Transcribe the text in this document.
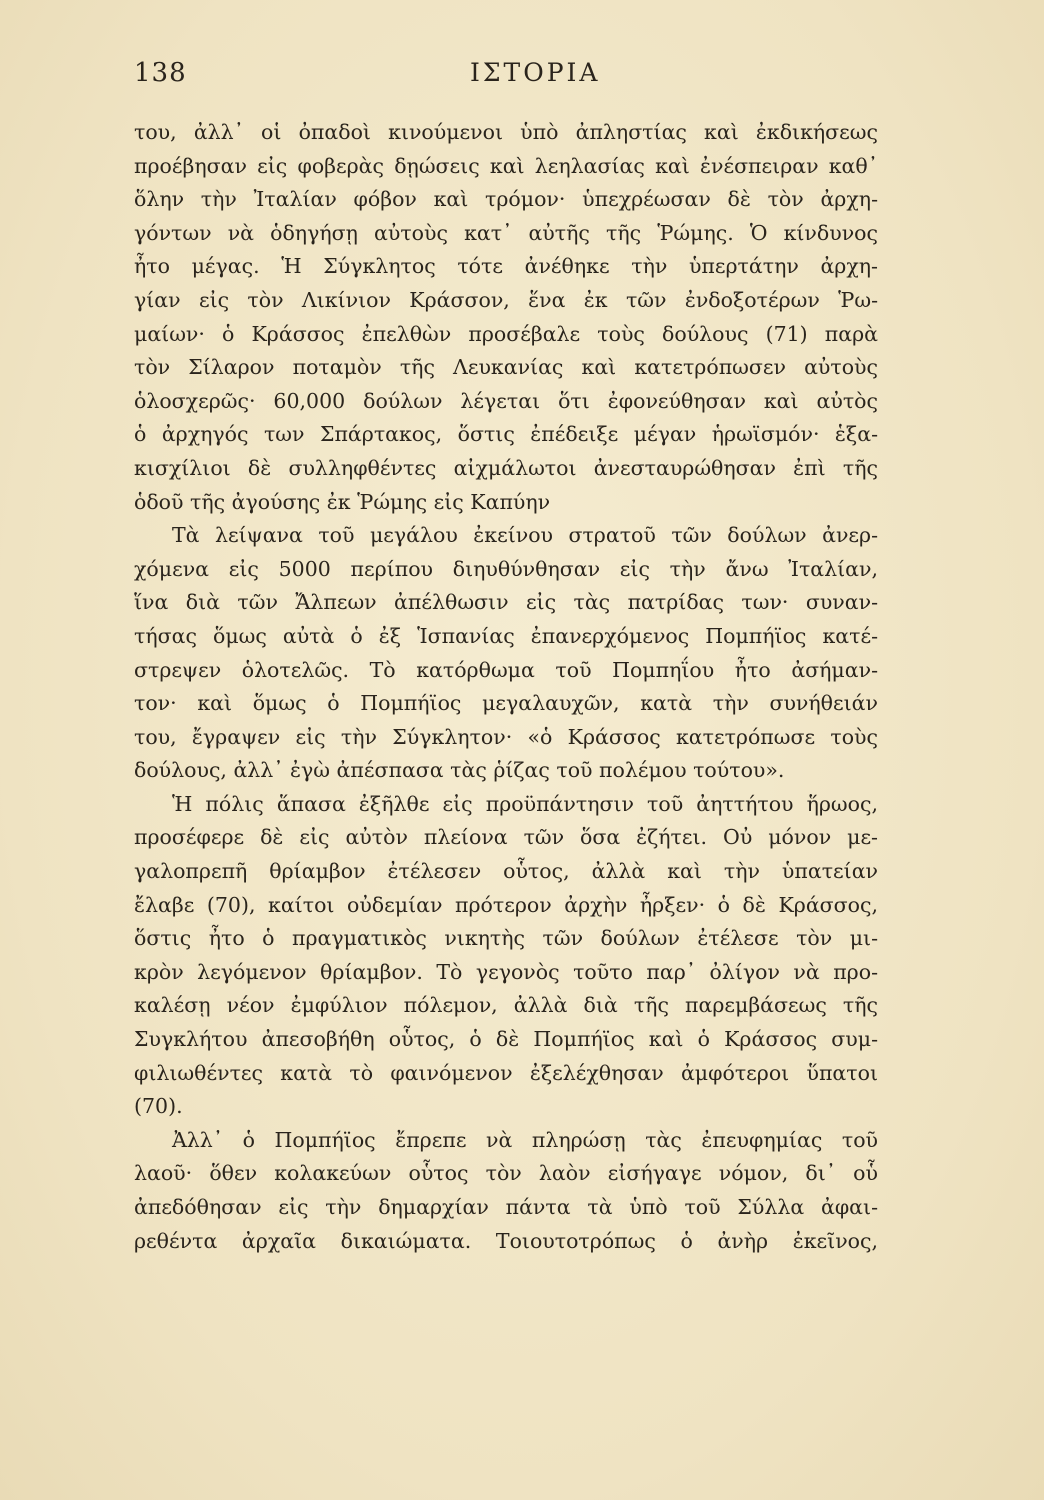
138	ΙΣΤΟΡΙΑ
του, ἀλλ᾽ οἱ ὀπαδοὶ κινούμενοι ὑπὸ ἀπληστίας καὶ ἐκδικήσεως
προέβησαν εἰς φοβερὰς δῃώσεις καὶ λεηλασίας καὶ ἐνέσπειραν καθ᾽
ὅλην τὴν Ἰταλίαν φόβον καὶ τρόμον· ὑπεχρέωσαν δὲ τὸν ἀρχη-
γόντων νὰ ὁδηγήσῃ αὐτοὺς κατ᾽ αὐτῆς τῆς Ῥώμης. Ὁ κίνδυνος
ἦτο μέγας. Ἡ Σύγκλητος τότε ἀνέθηκε τὴν ὑπερτάτην ἀρχη-
γίαν εἰς τὸν Λικίνιον Κράσσον, ἕνα ἐκ τῶν ἐνδοξοτέρων Ῥω-
μαίων· ὁ Κράσσος ἐπελθὼν προσέβαλε τοὺς δούλους (71) παρὰ
τὸν Σίλαρον ποταμὸν τῆς Λευκανίας καὶ κατετρόπωσεν αὐτοὺς
ὁλοσχερῶς· 60,000 δούλων λέγεται ὅτι ἐφονεύθησαν καὶ αὐτὸς
ὁ ἀρχηγός των Σπάρτακος, ὅστις ἐπέδειξε μέγαν ἡρωϊσμόν· ἑξα-
κισχίλιοι δὲ συλληφθέντες αἰχμάλωτοι ἀνεσταυρώθησαν ἐπὶ τῆς
ὁδοῦ τῆς ἀγούσης ἐκ Ῥώμης εἰς Καπύην
Τὰ λείψανα τοῦ μεγάλου ἐκείνου στρατοῦ τῶν δούλων ἀνερ-
χόμενα εἰς 5000 περίπου διηυθύνθησαν εἰς τὴν ἄνω Ἰταλίαν,
ἵνα διὰ τῶν Ἄλπεων ἀπέλθωσιν εἰς τὰς πατρίδας των· συναν-
τήσας ὅμως αὐτὰ ὁ ἐξ Ἱσπανίας ἐπανερχόμενος Πομπήϊος κατέ-
στρεψεν ὁλοτελῶς. Τὸ κατόρθωμα τοῦ Πομπηΐου ἦτο ἀσήμαν-
τον· καὶ ὅμως ὁ Πομπήϊος μεγαλαυχῶν, κατὰ τὴν συνήθειάν
του, ἔγραψεν εἰς τὴν Σύγκλητον· «ὁ Κράσσος κατετρόπωσε τοὺς
δούλους, ἀλλ᾽ ἐγὼ ἀπέσπασα τὰς ῥίζας τοῦ πολέμου τούτου».
Ἡ πόλις ἅπασα ἐξῆλθε εἰς προϋπάντησιν τοῦ ἀηττήτου ἥρωος,
προσέφερε δὲ εἰς αὐτὸν πλείονα τῶν ὅσα ἐζήτει. Οὐ μόνον με-
γαλοπρεπῆ θρίαμβον ἐτέλεσεν οὗτος, ἀλλὰ καὶ τὴν ὑπατείαν
ἔλαβε (70), καίτοι οὐδεμίαν πρότερον ἀρχὴν ἦρξεν· ὁ δὲ Κράσσος,
ὅστις ἦτο ὁ πραγματικὸς νικητὴς τῶν δούλων ἐτέλεσε τὸν μι-
κρὸν λεγόμενον θρίαμβον. Τὸ γεγονὸς τοῦτο παρ᾽ ὀλίγον νὰ προ-
καλέσῃ νέον ἐμφύλιον πόλεμον, ἀλλὰ διὰ τῆς παρεμβάσεως τῆς
Συγκλήτου ἀπεσοβήθη οὗτος, ὁ δὲ Πομπήϊος καὶ ὁ Κράσσος συμ-
φιλιωθέντες κατὰ τὸ φαινόμενον ἐξελέχθησαν ἀμφότεροι ὕπατοι
(70).
Ἀλλ᾽ ὁ Πομπήϊος ἔπρεπε νὰ πληρώσῃ τὰς ἐπευφημίας τοῦ
λαοῦ· ὅθεν κολακεύων οὗτος τὸν λαὸν εἰσήγαγε νόμον, δι᾽ οὗ
ἀπεδόθησαν εἰς τὴν δημαρχίαν πάντα τὰ ὑπὸ τοῦ Σύλλα ἀφαι-
ρεθέντα ἀρχαῖα δικαιώματα. Τοιουτοτρόπως ὁ ἀνὴρ ἐκεῖνος,
